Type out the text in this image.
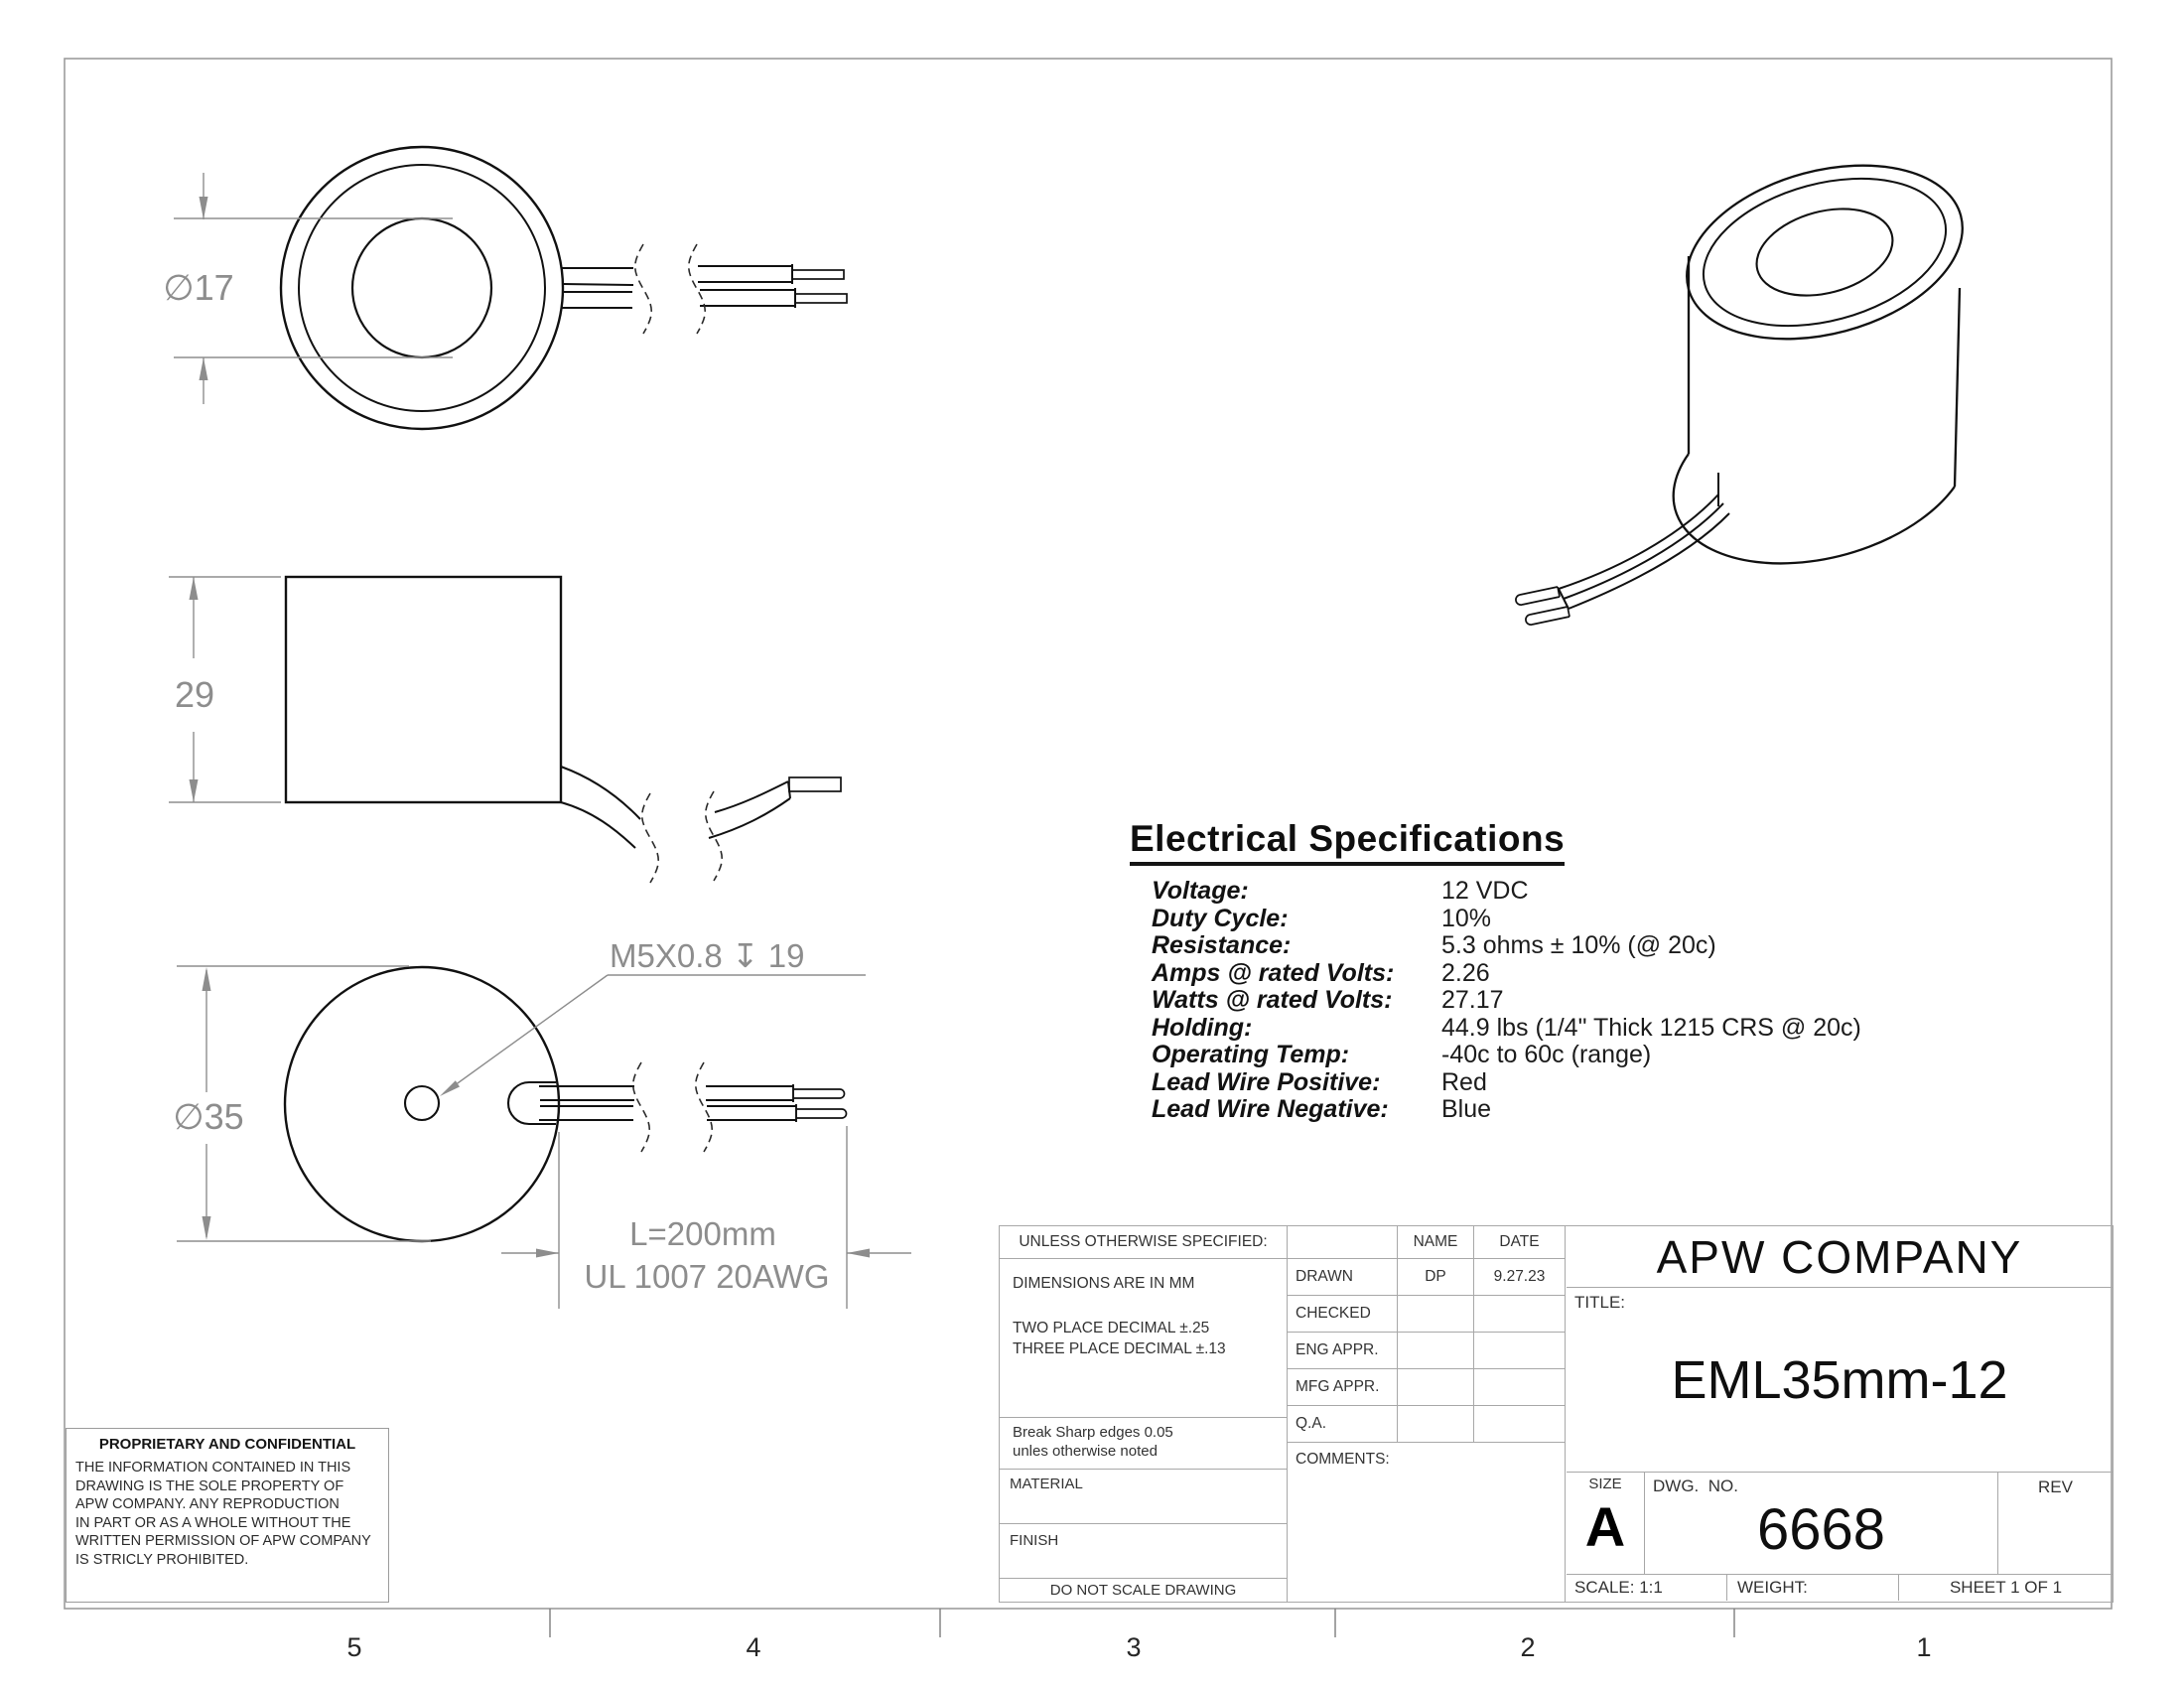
5	4	3	2	1
∅17
29
∅35
M5X0.8 ↧ 19
L=200mm
UL 1007 20AWG
Electrical Specifications
Voltage:	12 VDC
Duty Cycle:	10%
Resistance:	5.3 ohms ± 10% (@ 20c)
Amps @ rated Volts:	2.26
Watts @ rated Volts:	27.17
Holding:	44.9 lbs (1/4" Thick 1215 CRS @ 20c)
Operating Temp:	-40c to 60c (range)
Lead Wire Positive:	Red
Lead Wire Negative:	Blue
PROPRIETARY AND CONFIDENTIAL
THE INFORMATION CONTAINED IN THIS
DRAWING IS THE SOLE PROPERTY OF
APW COMPANY. ANY REPRODUCTION
IN PART OR AS A WHOLE WITHOUT THE
WRITTEN PERMISSION OF APW COMPANY
IS STRICLY PROHIBITED.
UNLESS OTHERWISE SPECIFIED:
DIMENSIONS ARE IN MM
TWO PLACE DECIMAL ±.25
THREE PLACE DECIMAL ±.13
Break Sharp edges 0.05
unles otherwise noted
MATERIAL
FINISH
DO NOT SCALE DRAWING
NAME	DATE
DRAWN	DP	9.27.23
CHECKED
ENG APPR.
MFG APPR.
Q.A.
COMMENTS:
APW COMPANY
TITLE:
EML35mm-12
SIZE
A
DWG.  NO.
6668
REV
SCALE: 1:1	WEIGHT:	SHEET 1 OF 1
